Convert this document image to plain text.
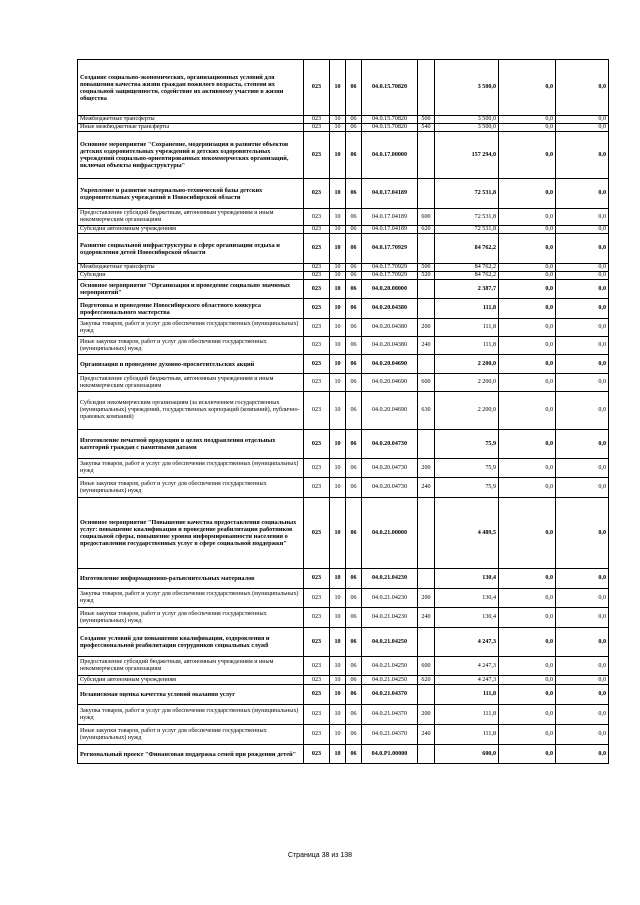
Создание социально-экономических, организационных условий для повышения качества жизни граждан пожилого возраста, степени их социальной защищенности, содействие их активному участию в жизни общества	023	10	06	04.0.15.70820		3 500,0	0,0	0,0
Межбюджетные трансферты	023	10	06	04.0.15.70820	500	3 500,0	0,0	0,0
Иные межбюджетные трансферты	023	10	06	04.0.15.70820	540	3 500,0	0,0	0,0
Основное мероприятие "Сохранение, модернизация и развитие объектов детских оздоровительных учреждений и детских оздоровительных учреждений социально-ориентированных некоммерческих организаций, включая объекты инфраструктуры"	023	10	06	04.0.17.00000		157 294,0	0,0	0,0
Укрепление и развитие материально-технической базы детских оздоровительных учреждений в Новосибирской области	023	10	06	04.0.17.04189		72 531,8	0,0	0,0
Предоставление субсидий бюджетным, автономным учреждениям и иным некоммерческим организациям	023	10	06	04.0.17.04189	600	72 531,8	0,0	0,0
Субсидии автономным учреждениям	023	10	06	04.0.17.04189	620	72 531,8	0,0	0,0
Развитие социальной инфраструктуры в сфере организации отдыха и оздоровления детей Новосибирской области	023	10	06	04.0.17.70929		84 762,2	0,0	0,0
Межбюджетные трансферты	023	10	06	04.0.17.70929	500	84 762,2	0,0	0,0
Субсидии	023	10	06	04.0.17.70929	520	84 762,2	0,0	0,0
Основное мероприятие "Организация и проведение социально значимых мероприятий"	023	10	06	04.0.20.00000		2 387,7	0,0	0,0
Подготовка и проведение Новосибирского областного конкурса профессионального мастерства	023	10	06	04.0.20.04380		111,8	0,0	0,0
Закупка товаров, работ и услуг для обеспечения государственных (муниципальных) нужд	023	10	06	04.0.20.04380	200	111,8	0,0	0,0
Иные закупки товаров, работ и услуг для обеспечения государственных (муниципальных) нужд	023	10	06	04.0.20.04380	240	111,8	0,0	0,0
Организация и проведение духовно-просветительских акций	023	10	06	04.0.20.04690		2 200,0	0,0	0,0
Предоставление субсидий бюджетным, автономным учреждениям и иным некоммерческим организациям	023	10	06	04.0.20.04690	600	2 200,0	0,0	0,0
Субсидии некоммерческим организациям (за исключением государственных (муниципальных) учреждений, государственных корпораций (компаний), публично-правовых компаний)	023	10	06	04.0.20.04690	630	2 200,0	0,0	0,0
Изготовление печатной продукции в целях поздравления отдельных категорий граждан с памятными датами	023	10	06	04.0.20.04730		75,9	0,0	0,0
Закупка товаров, работ и услуг для обеспечения государственных (муниципальных) нужд	023	10	06	04.0.20.04730	200	75,9	0,0	0,0
Иные закупки товаров, работ и услуг для обеспечения государственных (муниципальных) нужд	023	10	06	04.0.20.04730	240	75,9	0,0	0,0
Основное мероприятие "Повышение качества предоставления социальных услуг: повышение квалификации и проведение реабилитации работников социальной сферы, повышение уровня информированности населения о предоставлении государственных услуг в сфере социальной поддержки"	023	10	06	04.0.21.00000		4 489,5	0,0	0,0
Изготовление информационно-разъяснительных материалов	023	10	06	04.0.21.04230		130,4	0,0	0,0
Закупка товаров, работ и услуг для обеспечения государственных (муниципальных) нужд	023	10	06	04.0.21.04230	200	130,4	0,0	0,0
Иные закупки товаров, работ и услуг для обеспечения государственных (муниципальных) нужд	023	10	06	04.0.21.04230	240	130,4	0,0	0,0
Создание условий для повышения квалификации, оздоровления и профессиональной реабилитации сотрудников социальных служб	023	10	06	04.0.21.04250		4 247,3	0,0	0,0
Предоставление субсидий бюджетным, автономным учреждениям и иным некоммерческим организациям	023	10	06	04.0.21.04250	600	4 247,3	0,0	0,0
Субсидии автономным учреждениям	023	10	06	04.0.21.04250	620	4 247,3	0,0	0,0
Независимая оценка качества условий оказания услуг	023	10	06	04.0.21.04370		111,8	0,0	0,0
Закупка товаров, работ и услуг для обеспечения государственных (муниципальных) нужд	023	10	06	04.0.21.04370	200	111,8	0,0	0,0
Иные закупки товаров, работ и услуг для обеспечения государственных (муниципальных) нужд	023	10	06	04.0.21.04370	240	111,8	0,0	0,0
Региональный проект "Финансовая поддержка семей при рождении детей"	023	10	06	04.0.P1.00000		600,0	0,0	0,0
Страница 38 из 138
